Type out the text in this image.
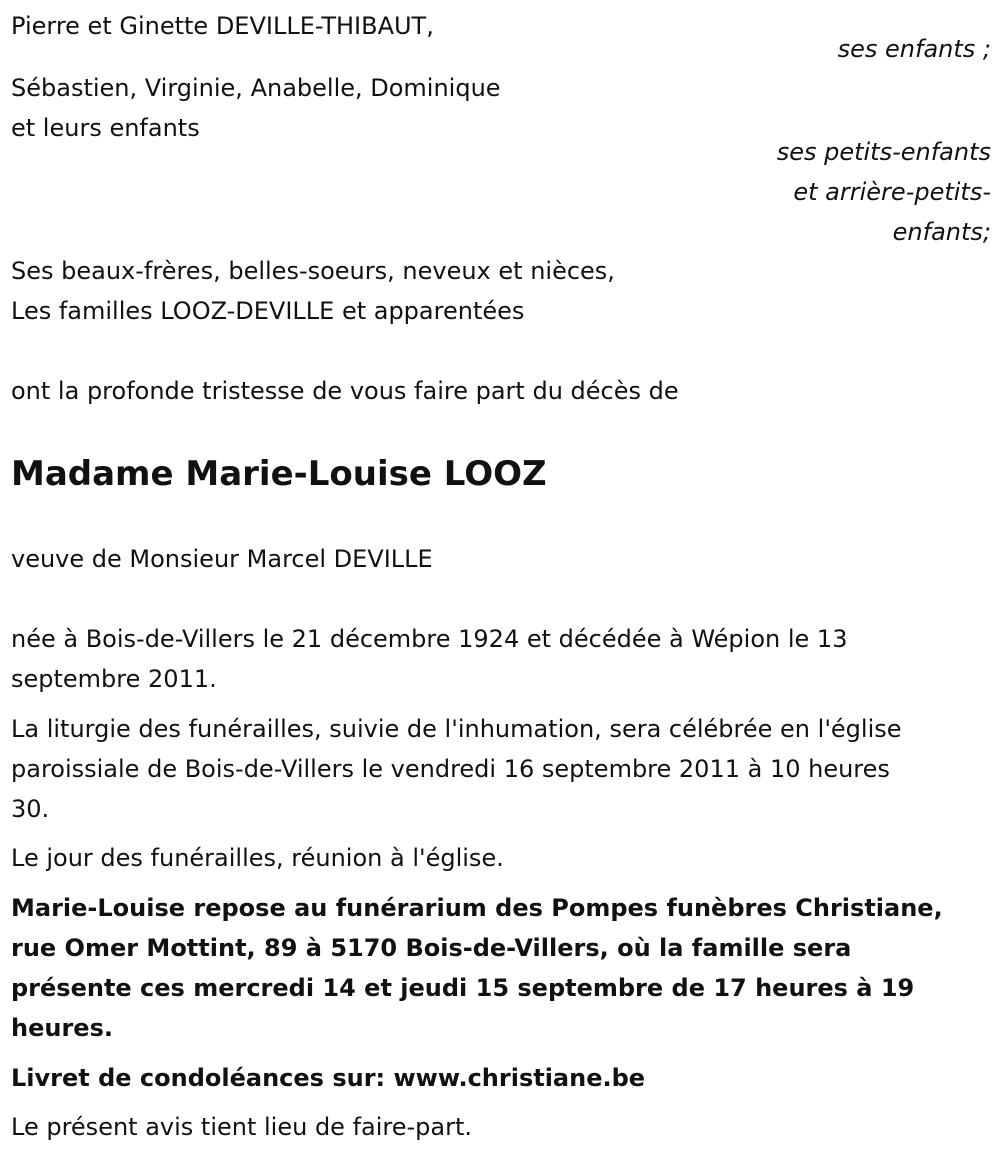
Pierre et Ginette DEVILLE-THIBAUT,

ses enfants ;

Sébastien, Virginie, Anabelle, Dominique

et leurs enfants

ses petits-enfants
et arrière-petits-
enfants;

Ses beaux-frères, belles-soeurs, neveux et nièces,

Les familles LOOZ-DEVILLE et apparentées

ont la profonde tristesse de vous faire part du décès de

Madame Marie-Louise LOOZ

veuve de Monsieur Marcel DEVILLE

née à Bois-de-Villers le 21 décembre 1924 et décédée à Wépion le 13

septembre 2011.

La liturgie des funérailles, suivie de l'inhumation, sera célébrée en l'église

paroissiale de Bois-de-Villers le vendredi 16 septembre 2011 à 10 heures

30.

Le jour des funérailles, réunion à l'église.

Marie-Louise repose au funérarium des Pompes funèbres Christiane,

rue Omer Mottint, 89 à 5170 Bois-de-Villers, où la famille sera

présente ces mercredi 14 et jeudi 15 septembre de 17 heures à 19

heures.

Livret de condoléances sur: www.christiane.be

Le présent avis tient lieu de faire-part.
